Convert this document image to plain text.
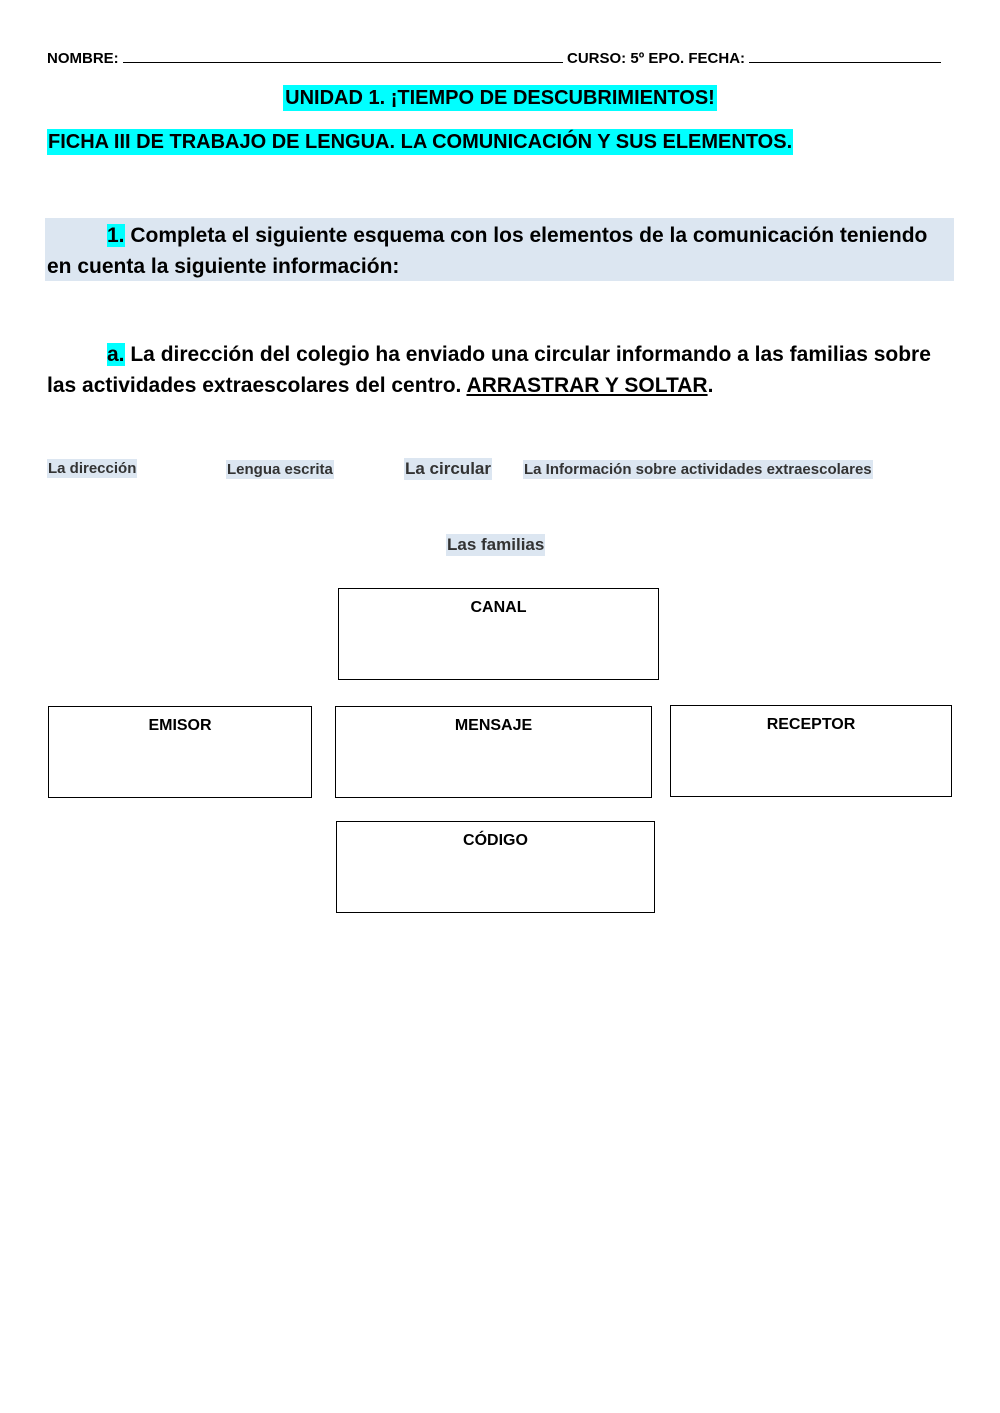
NOMBRE:	CURSO: 5º EPO. FECHA:
UNIDAD 1. ¡TIEMPO DE DESCUBRIMIENTOS!
FICHA III DE TRABAJO DE LENGUA. LA COMUNICACIÓN Y SUS ELEMENTOS.
1. Completa el siguiente esquema con los elementos de la comunicación teniendo en cuenta la siguiente información:
a. La dirección del colegio ha enviado una circular informando a las familias sobre las actividades extraescolares del centro. ARRASTRAR Y SOLTAR.
La dirección	Lengua escrita	La circular La Información sobre actividades extraescolares
Las familias
CANAL
EMISOR	MENSAJE	RECEPTOR
CÓDIGO
